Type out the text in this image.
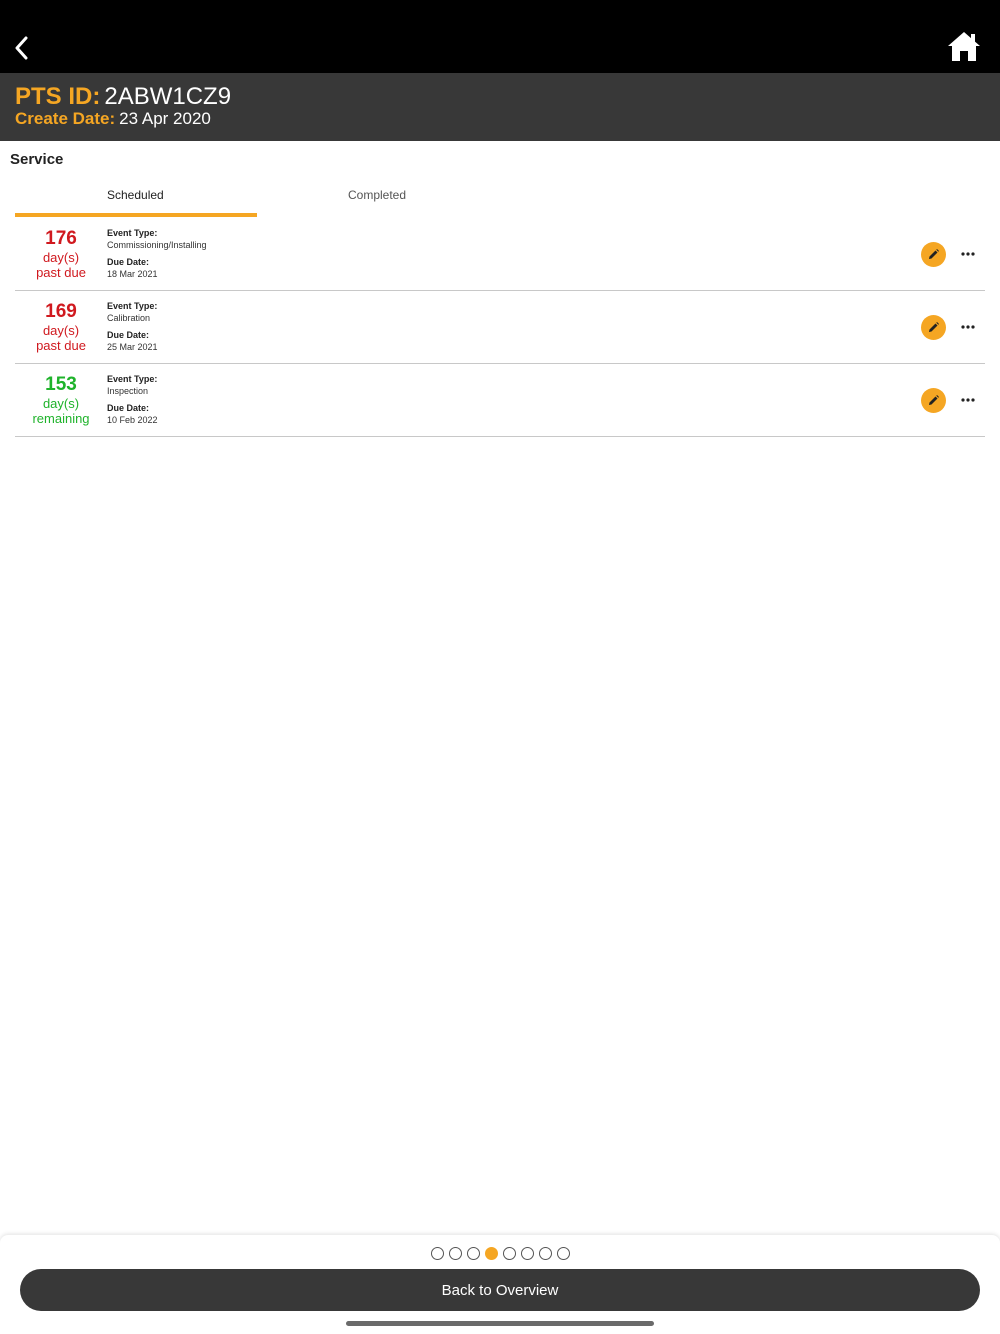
PTS ID: 2ABW1CZ9
Create Date: 23 Apr 2020
Service
Scheduled	Completed
176
day(s)
past due
Event Type:
Commissioning/Installing
Due Date:
18 Mar 2021
169
day(s)
past due
Event Type:
Calibration
Due Date:
25 Mar 2021
153
day(s)
remaining
Event Type:
Inspection
Due Date:
10 Feb 2022
Back to Overview
